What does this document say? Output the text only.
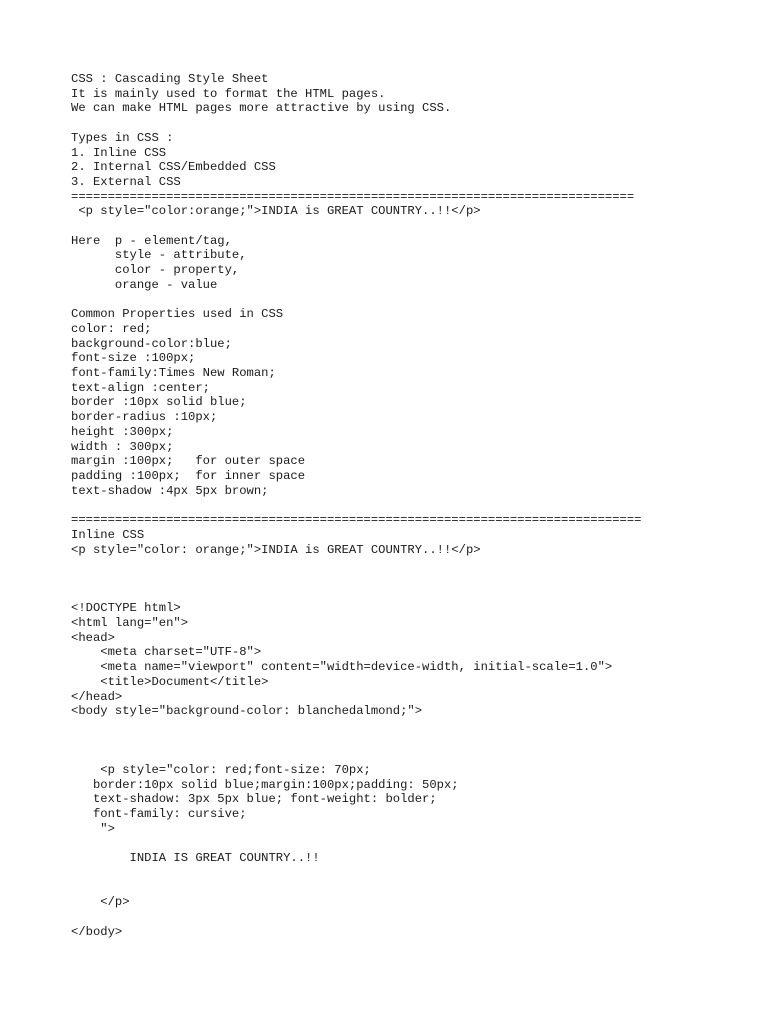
CSS : Cascading Style Sheet
It is mainly used to format the HTML pages.
We can make HTML pages more attractive by using CSS.

Types in CSS :
1. Inline CSS
2. Internal CSS/Embedded CSS
3. External CSS
=============================================================================
<p style="color:orange;">INDIA is GREAT COUNTRY..!!</p>

Here  p - element/tag,
style - attribute,
color - property,
orange - value

Common Properties used in CSS
color: red;
background-color:blue;
font-size :100px;
font-family:Times New Roman;
text-align :center;
border :10px solid blue;
border-radius :10px;
height :300px;
width : 300px;
margin :100px;   for outer space
padding :100px;  for inner space
text-shadow :4px 5px brown;

==============================================================================
Inline CSS
<p style="color: orange;">INDIA is GREAT COUNTRY..!!</p>

<!DOCTYPE html>
<html lang="en">
<head>
<meta charset="UTF-8">
<meta name="viewport" content="width=device-width, initial-scale=1.0">
<title>Document</title>
</head>
<body style="background-color: blanchedalmond;">

<p style="color: red;font-size: 70px;
border:10px solid blue;margin:100px;padding: 50px;
text-shadow: 3px 5px blue; font-weight: bolder;
font-family: cursive;
">

INDIA IS GREAT COUNTRY..!!

</p>

</body>
